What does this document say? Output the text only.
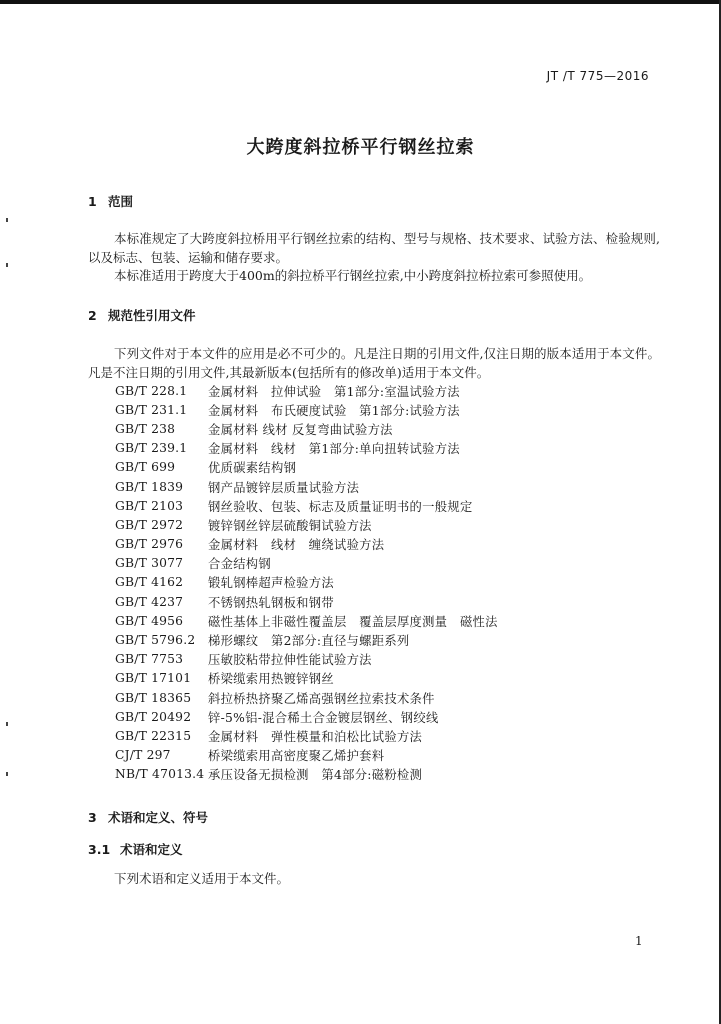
JT /T 775—2016
大跨度斜拉桥平行钢丝拉索
1 范围
本标准规定了大跨度斜拉桥用平行钢丝拉索的结构、型号与规格、技术要求、试验方法、检验规则,以及标志、包装、运输和储存要求。
本标准适用于跨度大于400m的斜拉桥平行钢丝拉索,中小跨度斜拉桥拉索可参照使用。
2 规范性引用文件
下列文件对于本文件的应用是必不可少的。凡是注日期的引用文件,仅注日期的版本适用于本文件。凡是不注日期的引用文件,其最新版本(包括所有的修改单)适用于本文件。
GB/T 228.1	金属材料　拉伸试验　第1部分:室温试验方法
GB/T 231.1	金属材料　布氏硬度试验　第1部分:试验方法
GB/T 238	金属材料 线材 反复弯曲试验方法
GB/T 239.1	金属材料　线材　第1部分:单向扭转试验方法
GB/T 699	优质碳素结构钢
GB/T 1839	钢产品镀锌层质量试验方法
GB/T 2103	钢丝验收、包装、标志及质量证明书的一般规定
GB/T 2972	镀锌钢丝锌层硫酸铜试验方法
GB/T 2976	金属材料　线材　缠绕试验方法
GB/T 3077	合金结构钢
GB/T 4162	锻轧钢棒超声检验方法
GB/T 4237	不锈钢热轧钢板和钢带
GB/T 4956	磁性基体上非磁性覆盖层　覆盖层厚度测量　磁性法
GB/T 5796.2	梯形螺纹　第2部分:直径与螺距系列
GB/T 7753	压敏胶粘带拉伸性能试验方法
GB/T 17101	桥梁缆索用热镀锌钢丝
GB/T 18365	斜拉桥热挤聚乙烯高强钢丝拉索技术条件
GB/T 20492	锌-5%铝-混合稀土合金镀层钢丝、钢绞线
GB/T 22315	金属材料　弹性模量和泊松比试验方法
CJ/T 297	桥梁缆索用高密度聚乙烯护套料
NB/T 47013.4 承压设备无损检测　第4部分:磁粉检测
3 术语和定义、符号
3.1 术语和定义
下列术语和定义适用于本文件。
1
